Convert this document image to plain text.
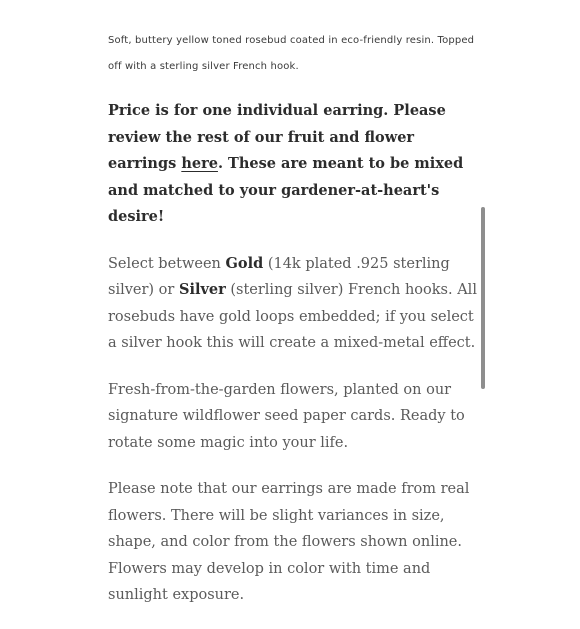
Soft, buttery yellow toned rosebud coated in eco-friendly resin. Topped off with a sterling silver French hook.

Price is for one individual earring. Please review the rest of our fruit and flower earrings here. These are meant to be mixed and matched to your gardener-at-heart's desire!

Select between Gold (14k plated .925 sterling silver) or Silver (sterling silver) French hooks. All rosebuds have gold loops embedded; if you select a silver hook this will create a mixed-metal effect.

Fresh-from-the-garden flowers, planted on our signature wildflower seed paper cards. Ready to rotate some magic into your life.

Please note that our earrings are made from real flowers. There will be slight variances in size, shape, and color from the flowers shown online. Flowers may develop in color with time and sunlight exposure.
